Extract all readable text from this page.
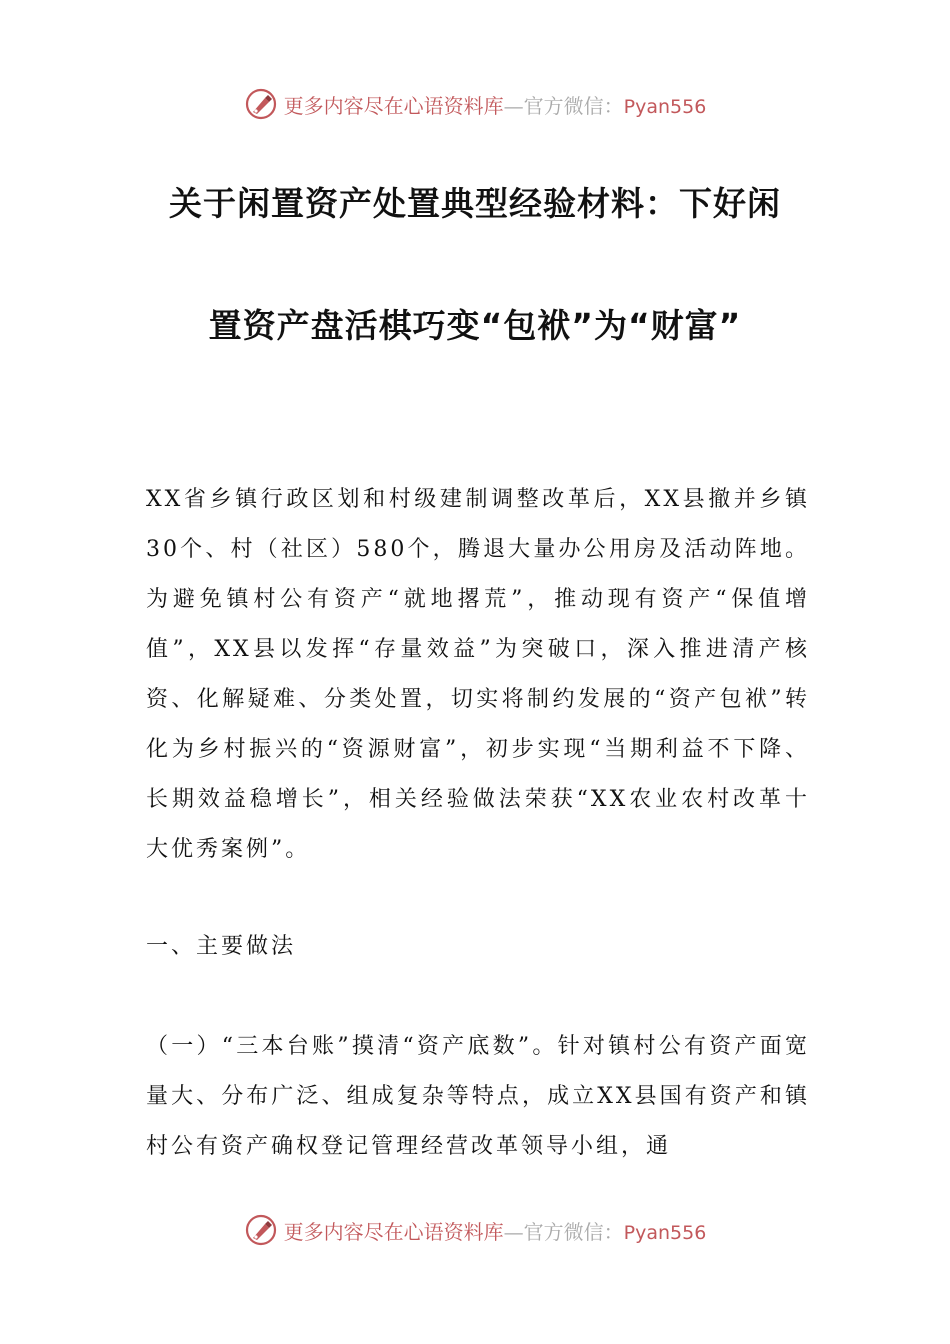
更多内容尽在心语资料库—官方微信：Pyan556
关于闲置资产处置典型经验材料：下好闲
置资产盘活棋巧变“包袱”为“财富”
XX省乡镇行政区划和村级建制调整改革后，XX县撤并乡镇30个、村（社区）580个，腾退大量办公用房及活动阵地。为避免镇村公有资产“就地撂荒”，推动现有资产“保值增值”，XX县以发挥“存量效益”为突破口，深入推进清产核资、化解疑难、分类处置，切实将制约发展的“资产包袱”转化为乡村振兴的“资源财富”，初步实现“当期利益不下降、长期效益稳增长”，相关经验做法荣获“XX农业农村改革十大优秀案例”。
一、主要做法
（一）“三本台账”摸清“资产底数”。针对镇村公有资产面宽量大、分布广泛、组成复杂等特点，成立XX县国有资产和镇村公有资产确权登记管理经营改革领导小组，通
更多内容尽在心语资料库—官方微信：Pyan556
